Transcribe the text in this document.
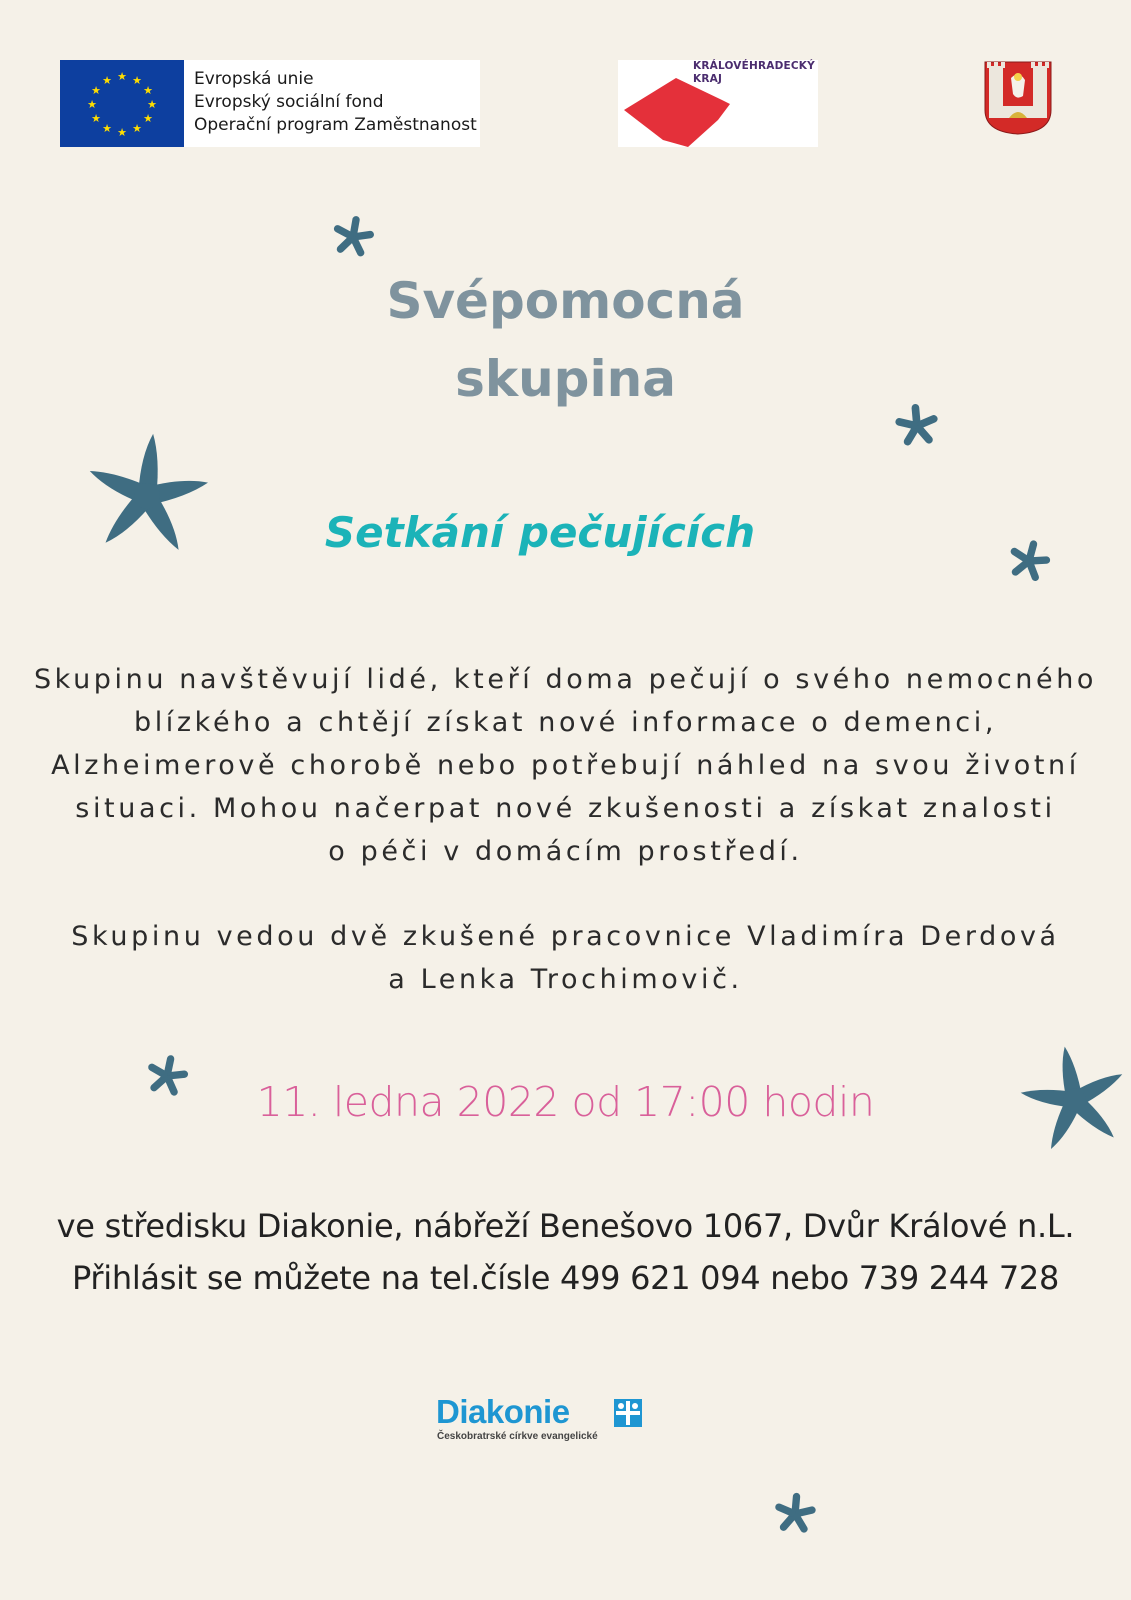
★ ★
★
★
★
★
★
★
★
★
★
★	Evropská unie
Evropský sociální fond
Operační program Zaměstnanost
KRÁLOVÉHRADECKÝ
KRAJ
Svépomocná
skupina
Setkání pečujících
Skupinu navštěvují lidé, kteří doma pečují o svého nemocného
blízkého a chtějí získat nové informace o demenci,
Alzheimerově chorobě nebo potřebují náhled na svou životní
situaci. Mohou načerpat nové zkušenosti a získat znalosti
o péči v domácím prostředí.
Skupinu vedou dvě zkušené pracovnice Vladimíra Derdová
a Lenka Trochimovič.
11. ledna 2022 od 17:00 hodin
ve středisku Diakonie, nábřeží Benešovo 1067, Dvůr Králové n.L.
Přihlásit se můžete na tel.čísle 499 621 094 nebo 739 244 728
Diakonie
Českobratrské církve evangelické
